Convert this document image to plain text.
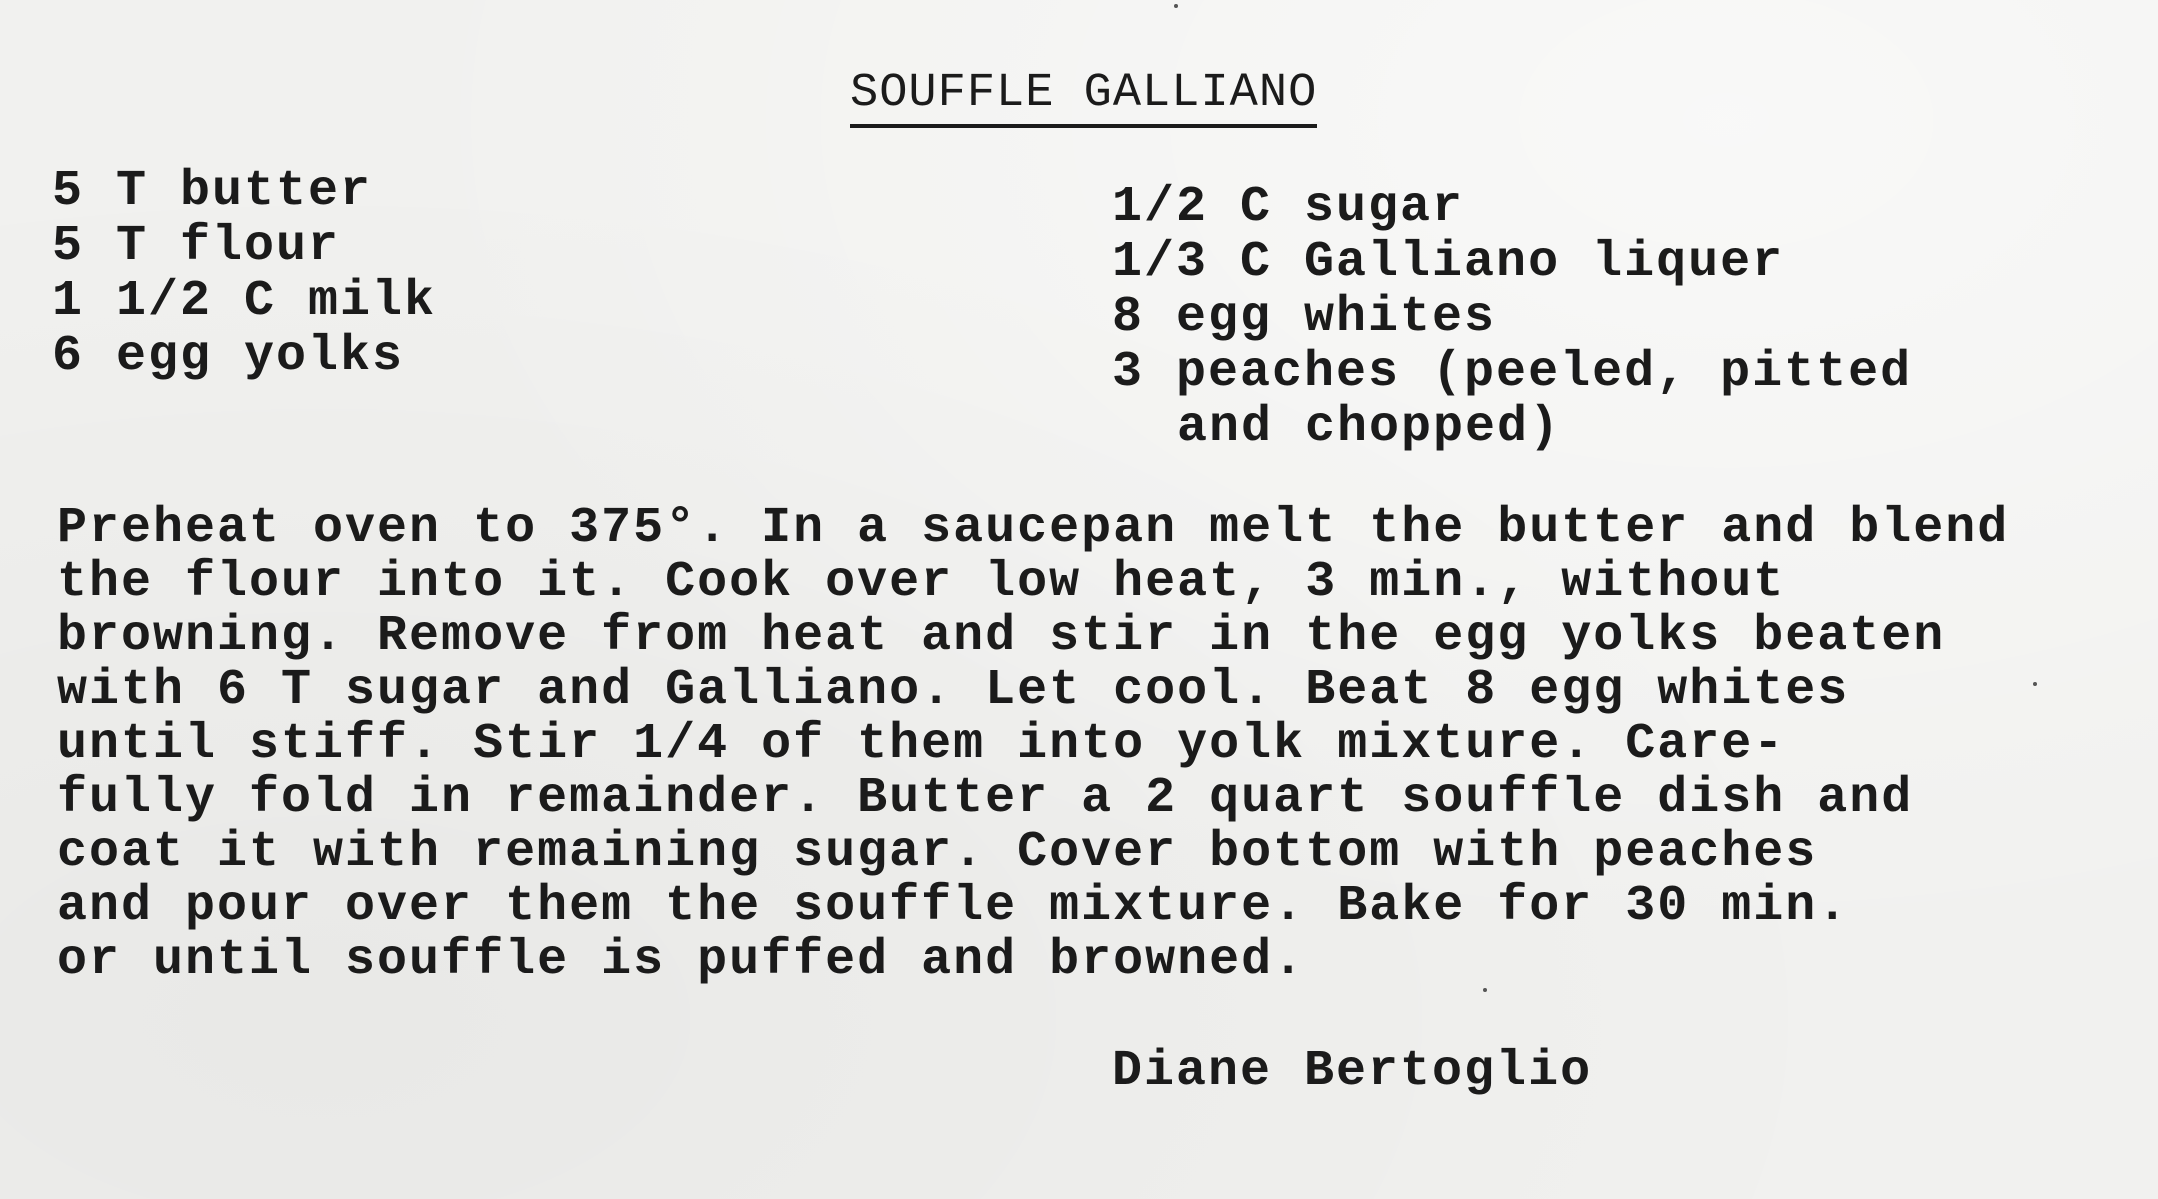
SOUFFLE GALLIANO
5 T butter
5 T flour
1 1/2 C milk
6 egg yolks
1/2 C sugar
1/3 C Galliano liquer
8 egg whites
3 peaches (peeled, pitted
and chopped)
Preheat oven to 375°. In a saucepan melt the butter and blend
the flour into it. Cook over low heat, 3 min., without
browning. Remove from heat and stir in the egg yolks beaten
with 6 T sugar and Galliano. Let cool. Beat 8 egg whites
until stiff. Stir 1/4 of them into yolk mixture. Care-
fully fold in remainder. Butter a 2 quart souffle dish and
coat it with remaining sugar. Cover bottom with peaches
and pour over them the souffle mixture. Bake for 30 min.
or until souffle is puffed and browned.
Diane Bertoglio
